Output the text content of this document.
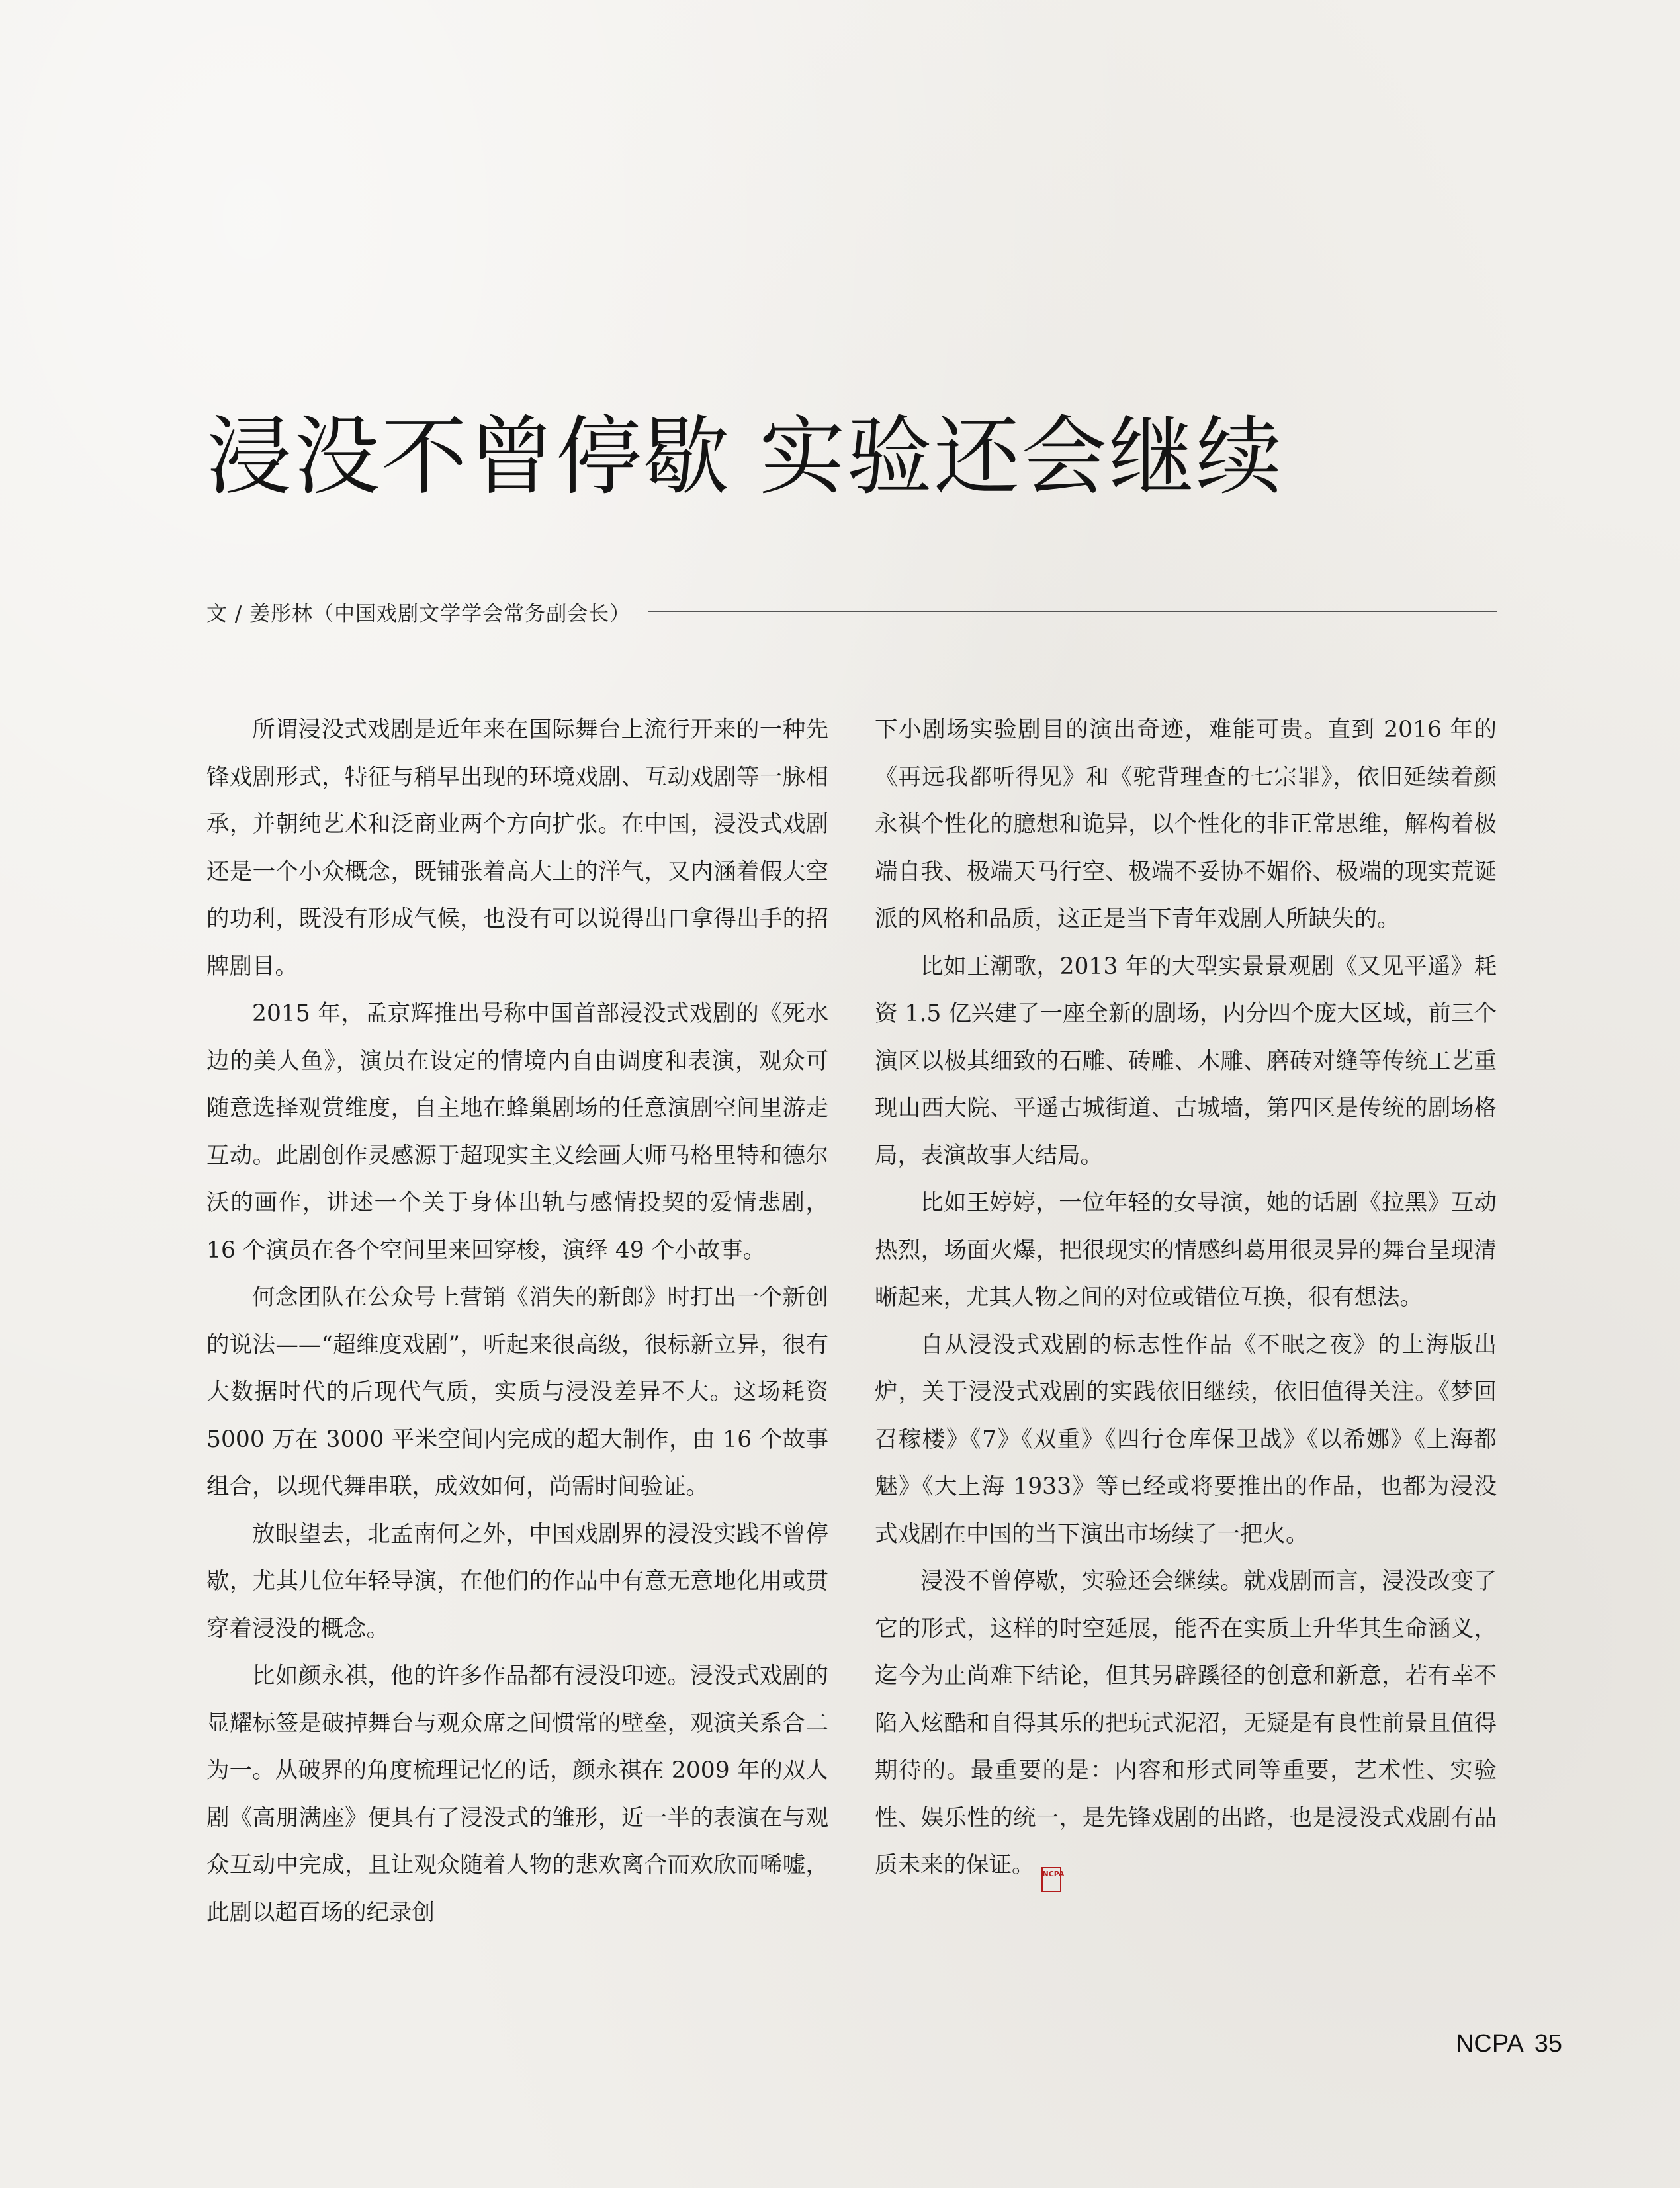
浸没不曾停歇 实验还会继续
文 / 姜彤林（中国戏剧文学学会常务副会长）

所谓浸没式戏剧是近年来在国际舞台上流行开来的一种先锋戏剧形式，特征与稍早出现的环境戏剧、互动戏剧等一脉相承，并朝纯艺术和泛商业两个方向扩张。在中国，浸没式戏剧还是一个小众概念，既铺张着高大上的洋气，又内涵着假大空的功利，既没有形成气候，也没有可以说得出口拿得出手的招牌剧目。

2015 年，孟京辉推出号称中国首部浸没式戏剧的《死水边的美人鱼》，演员在设定的情境内自由调度和表演，观众可随意选择观赏维度，自主地在蜂巢剧场的任意演剧空间里游走互动。此剧创作灵感源于超现实主义绘画大师马格里特和德尔沃的画作，讲述一个关于身体出轨与感情投契的爱情悲剧，16 个演员在各个空间里来回穿梭，演绎 49 个小故事。

何念团队在公众号上营销《消失的新郎》时打出一个新创的说法——“超维度戏剧”，听起来很高级，很标新立异，很有大数据时代的后现代气质，实质与浸没差异不大。这场耗资 5000 万在 3000 平米空间内完成的超大制作，由 16 个故事组合，以现代舞串联，成效如何，尚需时间验证。

放眼望去，北孟南何之外，中国戏剧界的浸没实践不曾停歇，尤其几位年轻导演，在他们的作品中有意无意地化用或贯穿着浸没的概念。

比如颜永祺，他的许多作品都有浸没印迹。浸没式戏剧的显耀标签是破掉舞台与观众席之间惯常的壁垒，观演关系合二为一。从破界的角度梳理记忆的话，颜永祺在 2009 年的双人剧《高朋满座》便具有了浸没式的雏形，近一半的表演在与观众互动中完成，且让观众随着人物的悲欢离合而欢欣而唏嘘，此剧以超百场的纪录创

下小剧场实验剧目的演出奇迹，难能可贵。直到 2016 年的《再远我都听得见》和《驼背理查的七宗罪》，依旧延续着颜永祺个性化的臆想和诡异，以个性化的非正常思维，解构着极端自我、极端天马行空、极端不妥协不媚俗、极端的现实荒诞派的风格和品质，这正是当下青年戏剧人所缺失的。

比如王潮歌，2013 年的大型实景景观剧《又见平遥》耗资 1.5 亿兴建了一座全新的剧场，内分四个庞大区域，前三个演区以极其细致的石雕、砖雕、木雕、磨砖对缝等传统工艺重现山西大院、平遥古城街道、古城墙，第四区是传统的剧场格局，表演故事大结局。

比如王婷婷，一位年轻的女导演，她的话剧《拉黑》互动热烈，场面火爆，把很现实的情感纠葛用很灵异的舞台呈现清晰起来，尤其人物之间的对位或错位互换，很有想法。

自从浸没式戏剧的标志性作品《不眠之夜》的上海版出炉，关于浸没式戏剧的实践依旧继续，依旧值得关注。《梦回召稼楼》《7》《双重》《四行仓库保卫战》《以希娜》《上海都魅》《大上海 1933》等已经或将要推出的作品，也都为浸没式戏剧在中国的当下演出市场续了一把火。

浸没不曾停歇，实验还会继续。就戏剧而言，浸没改变了它的形式，这样的时空延展，能否在实质上升华其生命涵义，迄今为止尚难下结论，但其另辟蹊径的创意和新意，若有幸不陷入炫酷和自得其乐的把玩式泥沼，无疑是有良性前景且值得期待的。最重要的是：内容和形式同等重要，艺术性、实验性、娱乐性的统一，是先锋戏剧的出路，也是浸没式戏剧有品质未来的保证。 NCPA

NCPA 35
